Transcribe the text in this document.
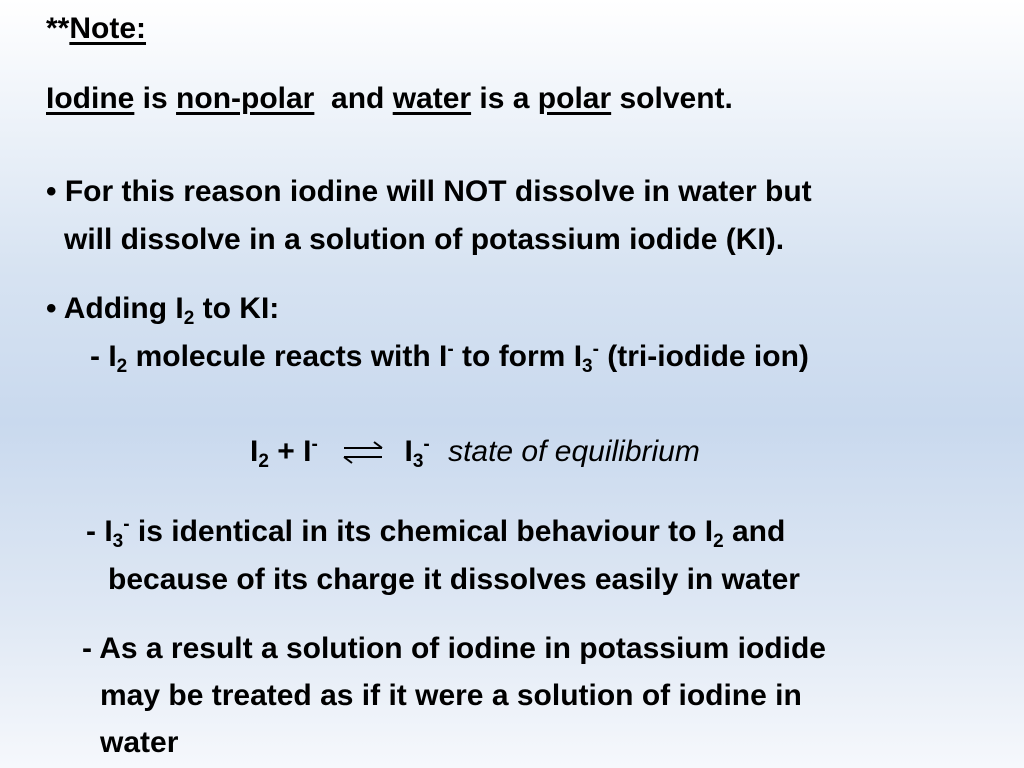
**Note:
Iodine is non-polar  and water is a polar solvent.
• For this reason iodine will NOT dissolve in water but
will dissolve in a solution of potassium iodide (KI).
• Adding $I_2$ to KI:
- $I_2$ molecule reacts with I- to form $I_3^-$ (tri-iodide ion)
$I_2 + I^-$ ⇌ $I_3^-$ state of equilibrium
- $I_3^-$ is identical in its chemical behaviour to $I_2$ and
because of its charge it dissolves easily in water
- As a result a solution of iodine in potassium iodide
may be treated as if it were a solution of iodine in
water
